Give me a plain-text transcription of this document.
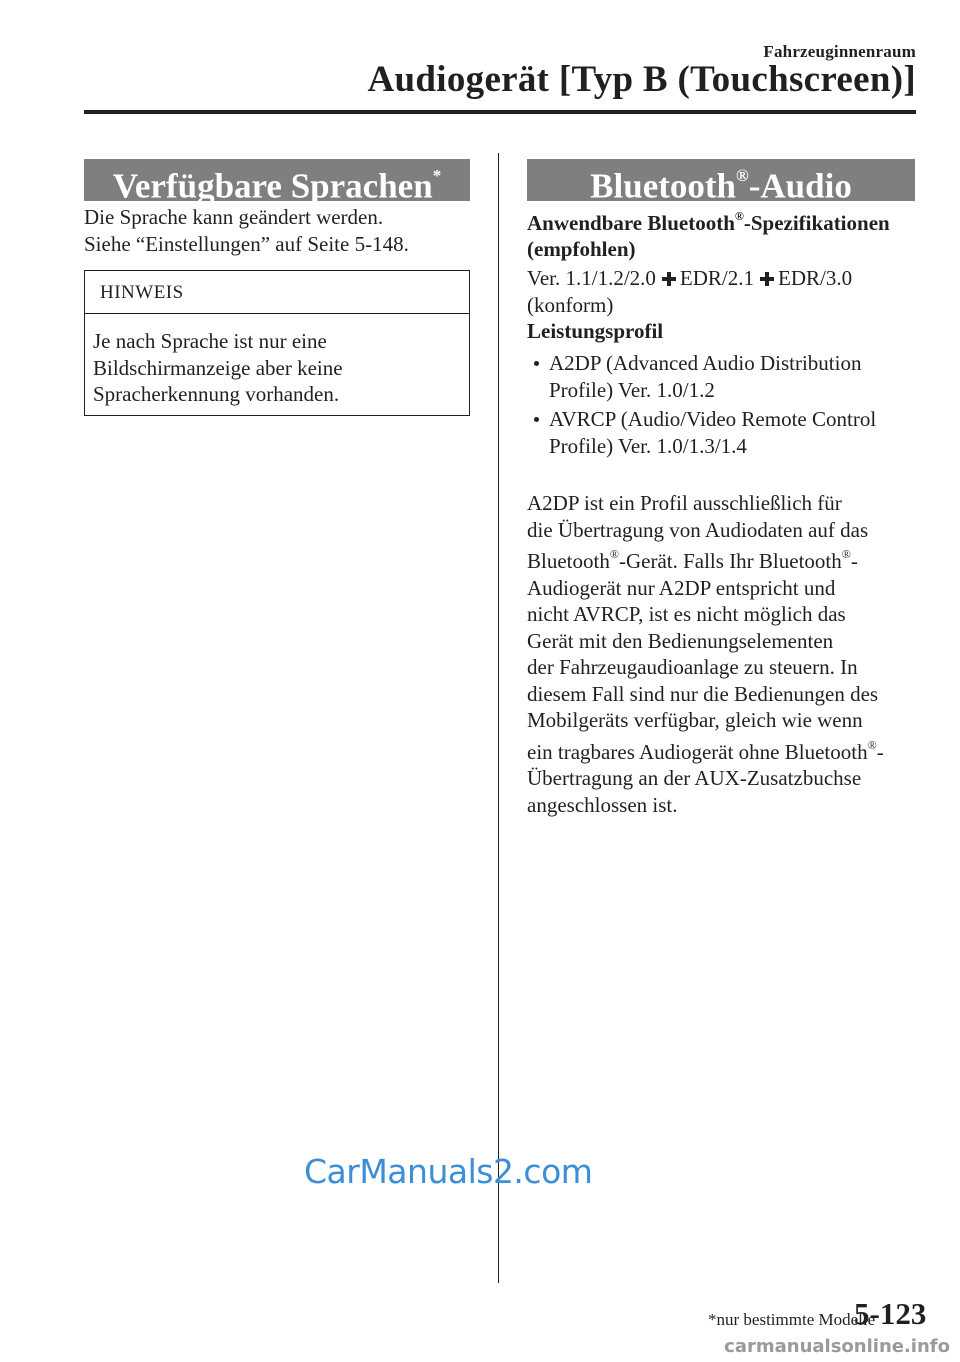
Fahrzeuginnenraum
Audiogerät [Typ B (Touchscreen)]
Verfügbare Sprachen*
Die Sprache kann geändert werden.
Siehe “Einstellungen” auf Seite 5-148.
HINWEIS
Je nach Sprache ist nur eine
Bildschirmanzeige aber keine
Spracherkennung vorhanden.
Bluetooth®-Audio
Anwendbare Bluetooth®-Spezifikationen
(empfohlen)
Ver. 1.1/1.2/2.0 EDR/2.1 EDR/3.0
(konform)
Leistungsprofil
A2DP (Advanced Audio Distribution
Profile) Ver. 1.0/1.2
AVRCP (Audio/Video Remote Control
Profile) Ver. 1.0/1.3/1.4
A2DP ist ein Profil ausschließlich für
die Übertragung von Audiodaten auf das
Bluetooth®-Gerät. Falls Ihr Bluetooth®-
Audiogerät nur A2DP entspricht und
nicht AVRCP, ist es nicht möglich das
Gerät mit den Bedienungselementen
der Fahrzeugaudioanlage zu steuern. In
diesem Fall sind nur die Bedienungen des
Mobilgeräts verfügbar, gleich wie wenn
ein tragbares Audiogerät ohne Bluetooth®-
Übertragung an der AUX-Zusatzbuchse
angeschlossen ist.
CarManuals2.com
*nur bestimmte Modelle
5-123
carmanualsonline.info
